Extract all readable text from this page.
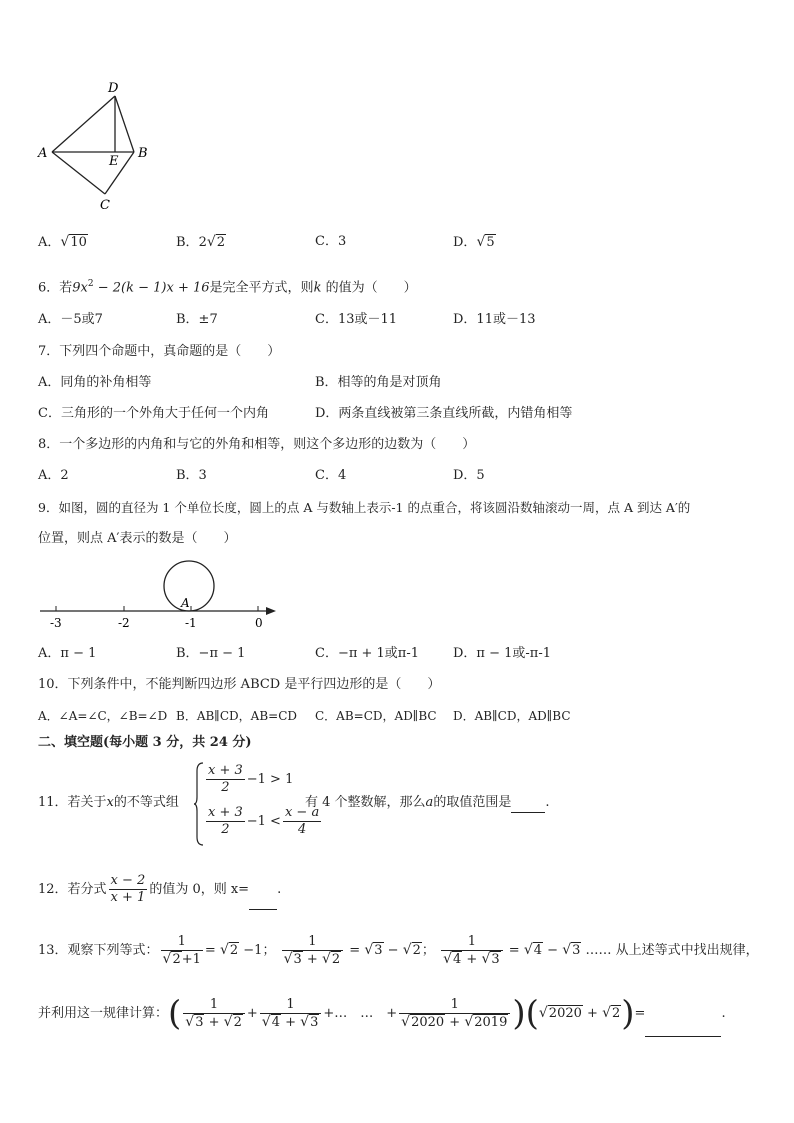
D
A
E
B
C
A．√10	B．2√2	C．3	D．√5
6．若$9x^2 - 2(k - 1)x + 16$是完全平方式，则k 的值为（　　）
A．－5或7	B．±7	C．13或－11	D．11或－13
7．下列四个命题中，真命题的是（　　）
A．同角的补角相等	B．相等的角是对顶角
C．三角形的一个外角大于任何一个内角	D．两条直线被第三条直线所截，内错角相等
8．一个多边形的内角和与它的外角和相等，则这个多边形的边数为（　　）
A．2	B．3	C．4	D．5
9．如图，圆的直径为 1 个单位长度，圆上的点 A 与数轴上表示-1 的点重合，将该圆沿数轴滚动一周，点 A 到达 A′的
位置，则点 A′表示的数是（　　）
-3	-2	-1	0
A
A．π − 1	B．−π − 1	C．−π + 1或π-1	D．π − 1或-π-1
10．下列条件中，不能判断四边形 ABCD 是平行四边形的是（　　）
A．∠A=∠C，∠B=∠D B．AB∥CD，AB=CD C．AB=CD，AD∥BC D．AB∥CD，AD∥BC
二、填空题(每小题 3 分，共 24 分)
11．若关于x的不等式组
$\frac{x + 3}{2} -1 > 1$
$\frac{x + 3}{2} -1 < \frac{x - a}{4}$
有 4 个整数解，那么a的取值范围是	.
12．若分式 $\frac{x - 2}{x + 1}$ 的值为 0，则 x= .
13．观察下列等式： $\frac{1}{√2+1} = √2 -1$； $\frac{1}{√3 + √2} = √3 - √2$； $\frac{1}{√4 + √3} = √4 - √3$ …… 从上述等式中找出规律，
并利用这一规律计算：( $\frac{1}{√3 + √2} + \frac{1}{√4 + √3}$ +…　…　+ $\frac{1}{√2020 + √2019} )(√2020 + √2)=$	.
